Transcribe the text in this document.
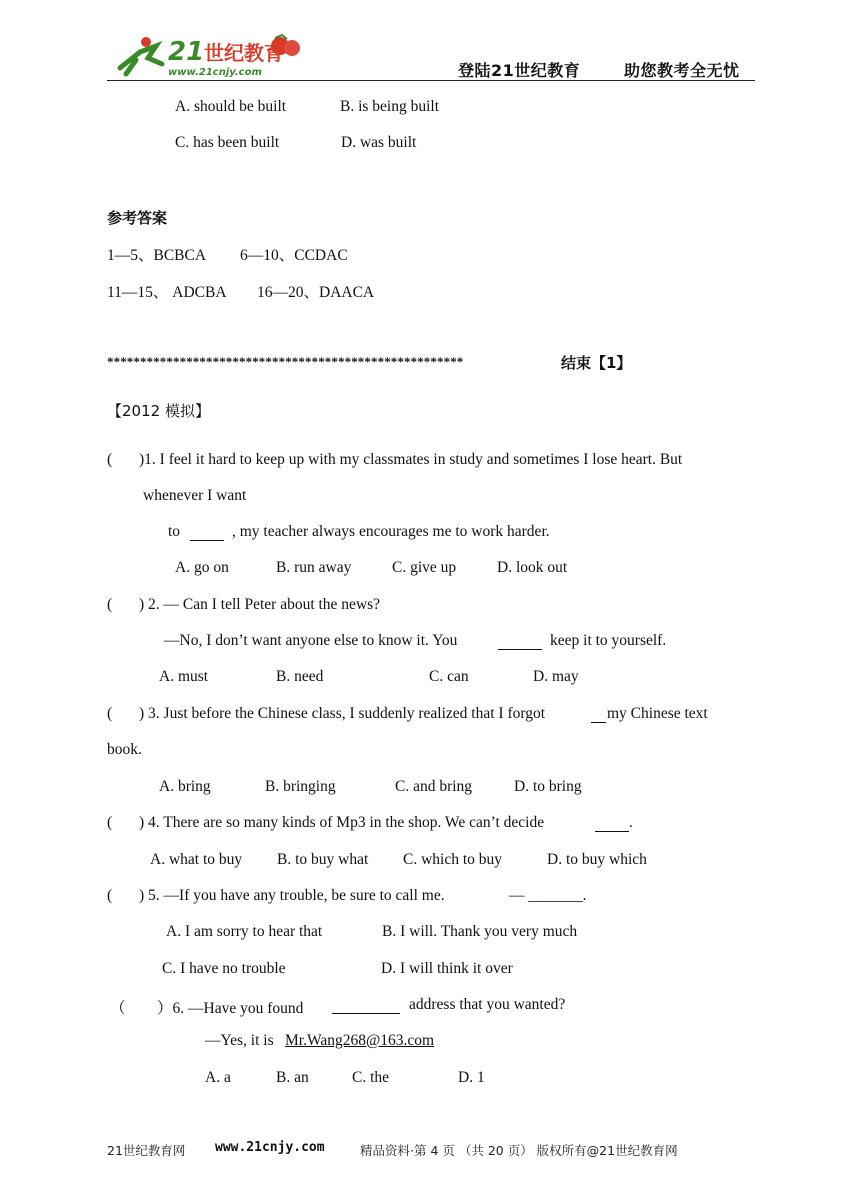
21 世纪教育
www.21cnjy.com	登陆21世纪教育	助您教考全无忧
A. should be built	B. is being built
C. has been built	D. was built
参考答案
1—5、BCBCA 6—10、CCDAC
11—15、 ADCBA 16—20、DAACA
******************************************************	结束【1】
【2012 模拟】
( )1. I feel it hard to keep up with my classmates in study and sometimes I lose heart. But
whenever I want
to	, my teacher always encourages me to work harder.
A. go on	B. run away	C. give up	D. look out
( ) 2. — Can I tell Peter about the news?
—No, I don’t want anyone else to know it. You	keep it to yourself.
A. must	B. need	C. can	D. may
( ) 3. Just before the Chinese class, I suddenly realized that I forgot	my Chinese text
book.
A. bring	B. bringing	C. and bring	D. to bring
( ) 4. There are so many kinds of Mp3 in the shop. We can’t decide	.
A. what to buy B. to buy what C. which to buy	D. to buy which
( ) 5. —If you have any trouble, be sure to call me.	— _______.
A. I am sorry to hear that	B. I will. Thank you very much
C. I have no trouble	D. I will think it over
（ ）6. —Have you found	address that you wanted?
—Yes, it is Mr.Wang268@163.com
A. a	B. an	C. the	D. 1
21世纪教育网 www.21cnjy.com	精品资料·第 4 页 （共 20 页） 版权所有@21世纪教育网
